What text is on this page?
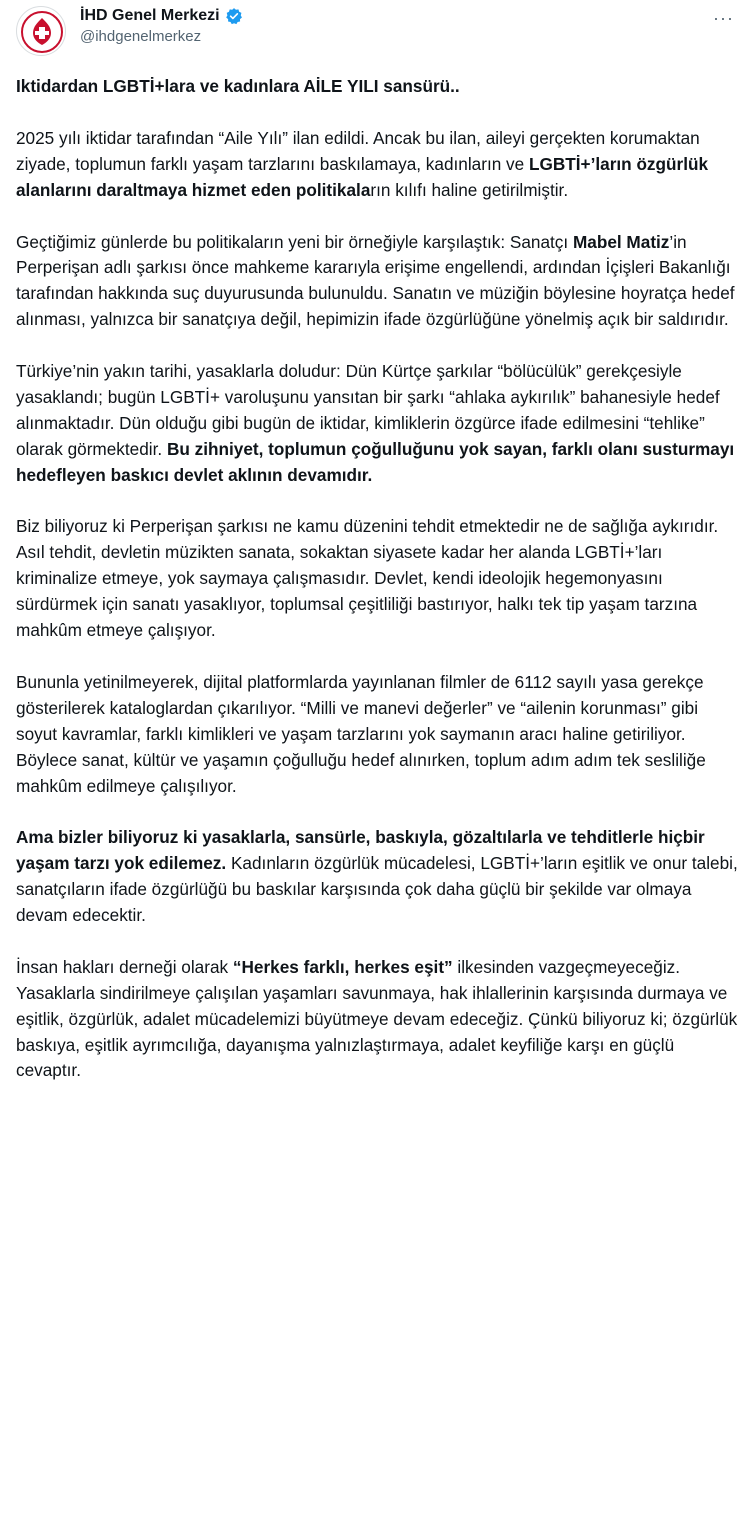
İHD Genel Merkezi
@ihdgenelmerkez
···

Iktidardan LGBTİ+lara ve kadınlara AİLE YILI sansürü..

2025 yılı iktidar tarafından “Aile Yılı” ilan edildi. Ancak bu ilan, aileyi gerçekten korumaktan ziyade, toplumun farklı yaşam tarzlarını baskılamaya, kadınların ve LGBTİ+’ların özgürlük alanlarını daraltmaya hizmet eden politikaların kılıfı haline getirilmiştir.

Geçtiğimiz günlerde bu politikaların yeni bir örneğiyle karşılaştık: Sanatçı Mabel Matiz’in Perperişan adlı şarkısı önce mahkeme kararıyla erişime engellendi, ardından İçişleri Bakanlığı tarafından hakkında suç duyurusunda bulunuldu. Sanatın ve müziğin böylesine hoyratça hedef alınması, yalnızca bir sanatçıya değil, hepimizin ifade özgürlüğüne yönelmiş açık bir saldırıdır.

Türkiye’nin yakın tarihi, yasaklarla doludur: Dün Kürtçe şarkılar “bölücülük” gerekçesiyle yasaklandı; bugün LGBTİ+ varoluşunu yansıtan bir şarkı “ahlaka aykırılık” bahanesiyle hedef alınmaktadır. Dün olduğu gibi bugün de iktidar, kimliklerin özgürce ifade edilmesini “tehlike” olarak görmektedir. Bu zihniyet, toplumun çoğulluğunu yok sayan, farklı olanı susturmayı hedefleyen baskıcı devlet aklının devamıdır.

Biz biliyoruz ki Perperişan şarkısı ne kamu düzenini tehdit etmektedir ne de sağlığa aykırıdır. Asıl tehdit, devletin müzikten sanata, sokaktan siyasete kadar her alanda LGBTİ+’ları kriminalize etmeye, yok saymaya çalışmasıdır. Devlet, kendi ideolojik hegemonyasını sürdürmek için sanatı yasaklıyor, toplumsal çeşitliliği bastırıyor, halkı tek tip yaşam tarzına mahkûm etmeye çalışıyor.

Bununla yetinilmeyerek, dijital platformlarda yayınlanan filmler de 6112 sayılı yasa gerekçe gösterilerek kataloglardan çıkarılıyor. “Milli ve manevi değerler” ve “ailenin korunması” gibi soyut kavramlar, farklı kimlikleri ve yaşam tarzlarını yok saymanın aracı haline getiriliyor. Böylece sanat, kültür ve yaşamın çoğulluğu hedef alınırken, toplum adım adım tek sesliliğe mahkûm edilmeye çalışılıyor.

Ama bizler biliyoruz ki yasaklarla, sansürle, baskıyla, gözaltılarla ve tehditlerle hiçbir yaşam tarzı yok edilemez. Kadınların özgürlük mücadelesi, LGBTİ+’ların eşitlik ve onur talebi, sanatçıların ifade özgürlüğü bu baskılar karşısında çok daha güçlü bir şekilde var olmaya devam edecektir.

İnsan hakları derneği olarak “Herkes farklı, herkes eşit” ilkesinden vazgeçmeyeceğiz. Yasaklarla sindirilmeye çalışılan yaşamları savunmaya, hak ihlallerinin karşısında durmaya ve eşitlik, özgürlük, adalet mücadelemizi büyütmeye devam edeceğiz. Çünkü biliyoruz ki; özgürlük baskıya, eşitlik ayrımcılığa, dayanışma yalnızlaştırmaya, adalet keyfiliğe karşı en güçlü cevaptır.
